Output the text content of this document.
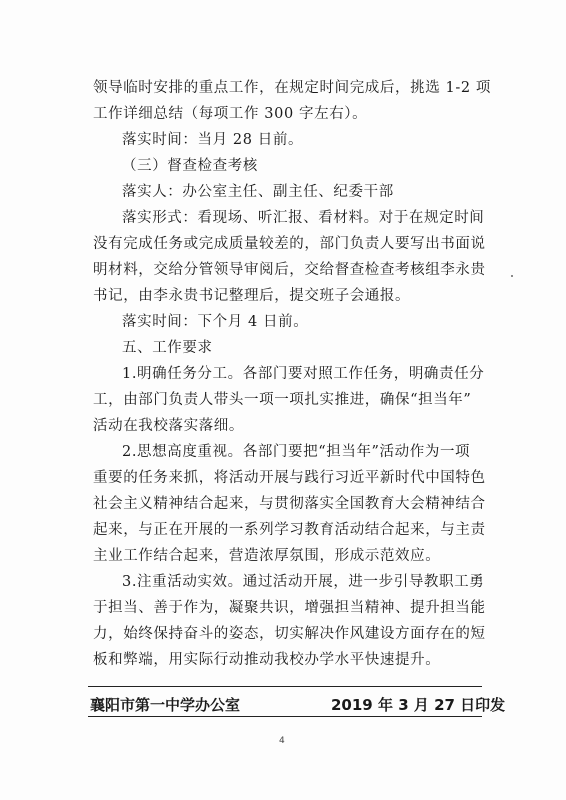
领导临时安排的重点工作，在规定时间完成后，挑选 1-2 项
工作详细总结（每项工作 300 字左右）。
落实时间：当月 28 日前。
（三）督查检查考核
落实人：办公室主任、副主任、纪委干部
落实形式：看现场、听汇报、看材料。对于在规定时间
没有完成任务或完成质量较差的，部门负责人要写出书面说
明材料，交给分管领导审阅后，交给督查检查考核组李永贵
书记，由李永贵书记整理后，提交班子会通报。
落实时间：下个月 4 日前。
五、工作要求
1.明确任务分工。各部门要对照工作任务，明确责任分
工，由部门负责人带头一项一项扎实推进，确保“担当年”
活动在我校落实落细。
2.思想高度重视。各部门要把“担当年”活动作为一项
重要的任务来抓，将活动开展与践行习近平新时代中国特色
社会主义精神结合起来，与贯彻落实全国教育大会精神结合
起来，与正在开展的一系列学习教育活动结合起来，与主责
主业工作结合起来，营造浓厚氛围，形成示范效应。
3.注重活动实效。通过活动开展，进一步引导教职工勇
于担当、善于作为，凝聚共识，增强担当精神、提升担当能
力，始终保持奋斗的姿态，切实解决作风建设方面存在的短
板和弊端，用实际行动推动我校办学水平快速提升。
襄阳市第一中学办公室	2019 年 3 月 27 日印发
4
